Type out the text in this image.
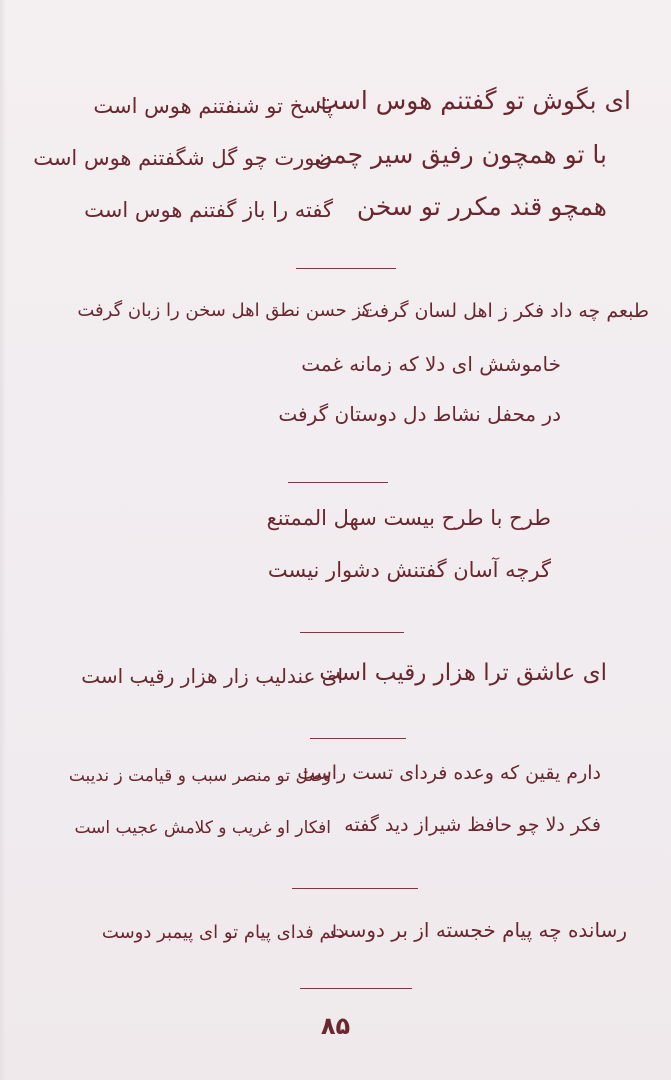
ای بگوش تو گفتنم هوس است
پاسخ تو شنفتنم هوس است
با تو همچون رفیق سیر چمن
صورت چو گل شگفتنم هوس است
همچو قند مکرر تو سخن
گفته را باز گفتنم هوس است
طبعم چه داد فکر ز اهل لسان گرفت
کز حسن نطق اهل سخن را زبان گرفت
خاموشش ای دلا که زمانه غمت
در محفل نشاط دل دوستان گرفت
طرح با طرح بیست سهل الممتنع
گرچه آسان گفتنش دشوار نیست
ای عاشق ترا هزار رقیب است
ای عندلیب زار هزار رقیب است
دارم یقین که وعده فردای تست راست
وصل تو منصر سبب و قیامت ز ندیبت
فکر دلا چو حافظ شیراز دید گفته
افکار او غریب و کلامش عجیب است
رسانده چه پیام خجسته از بر دوست
دلم فدای پیام تو ای پیمبر دوست
۸۵
